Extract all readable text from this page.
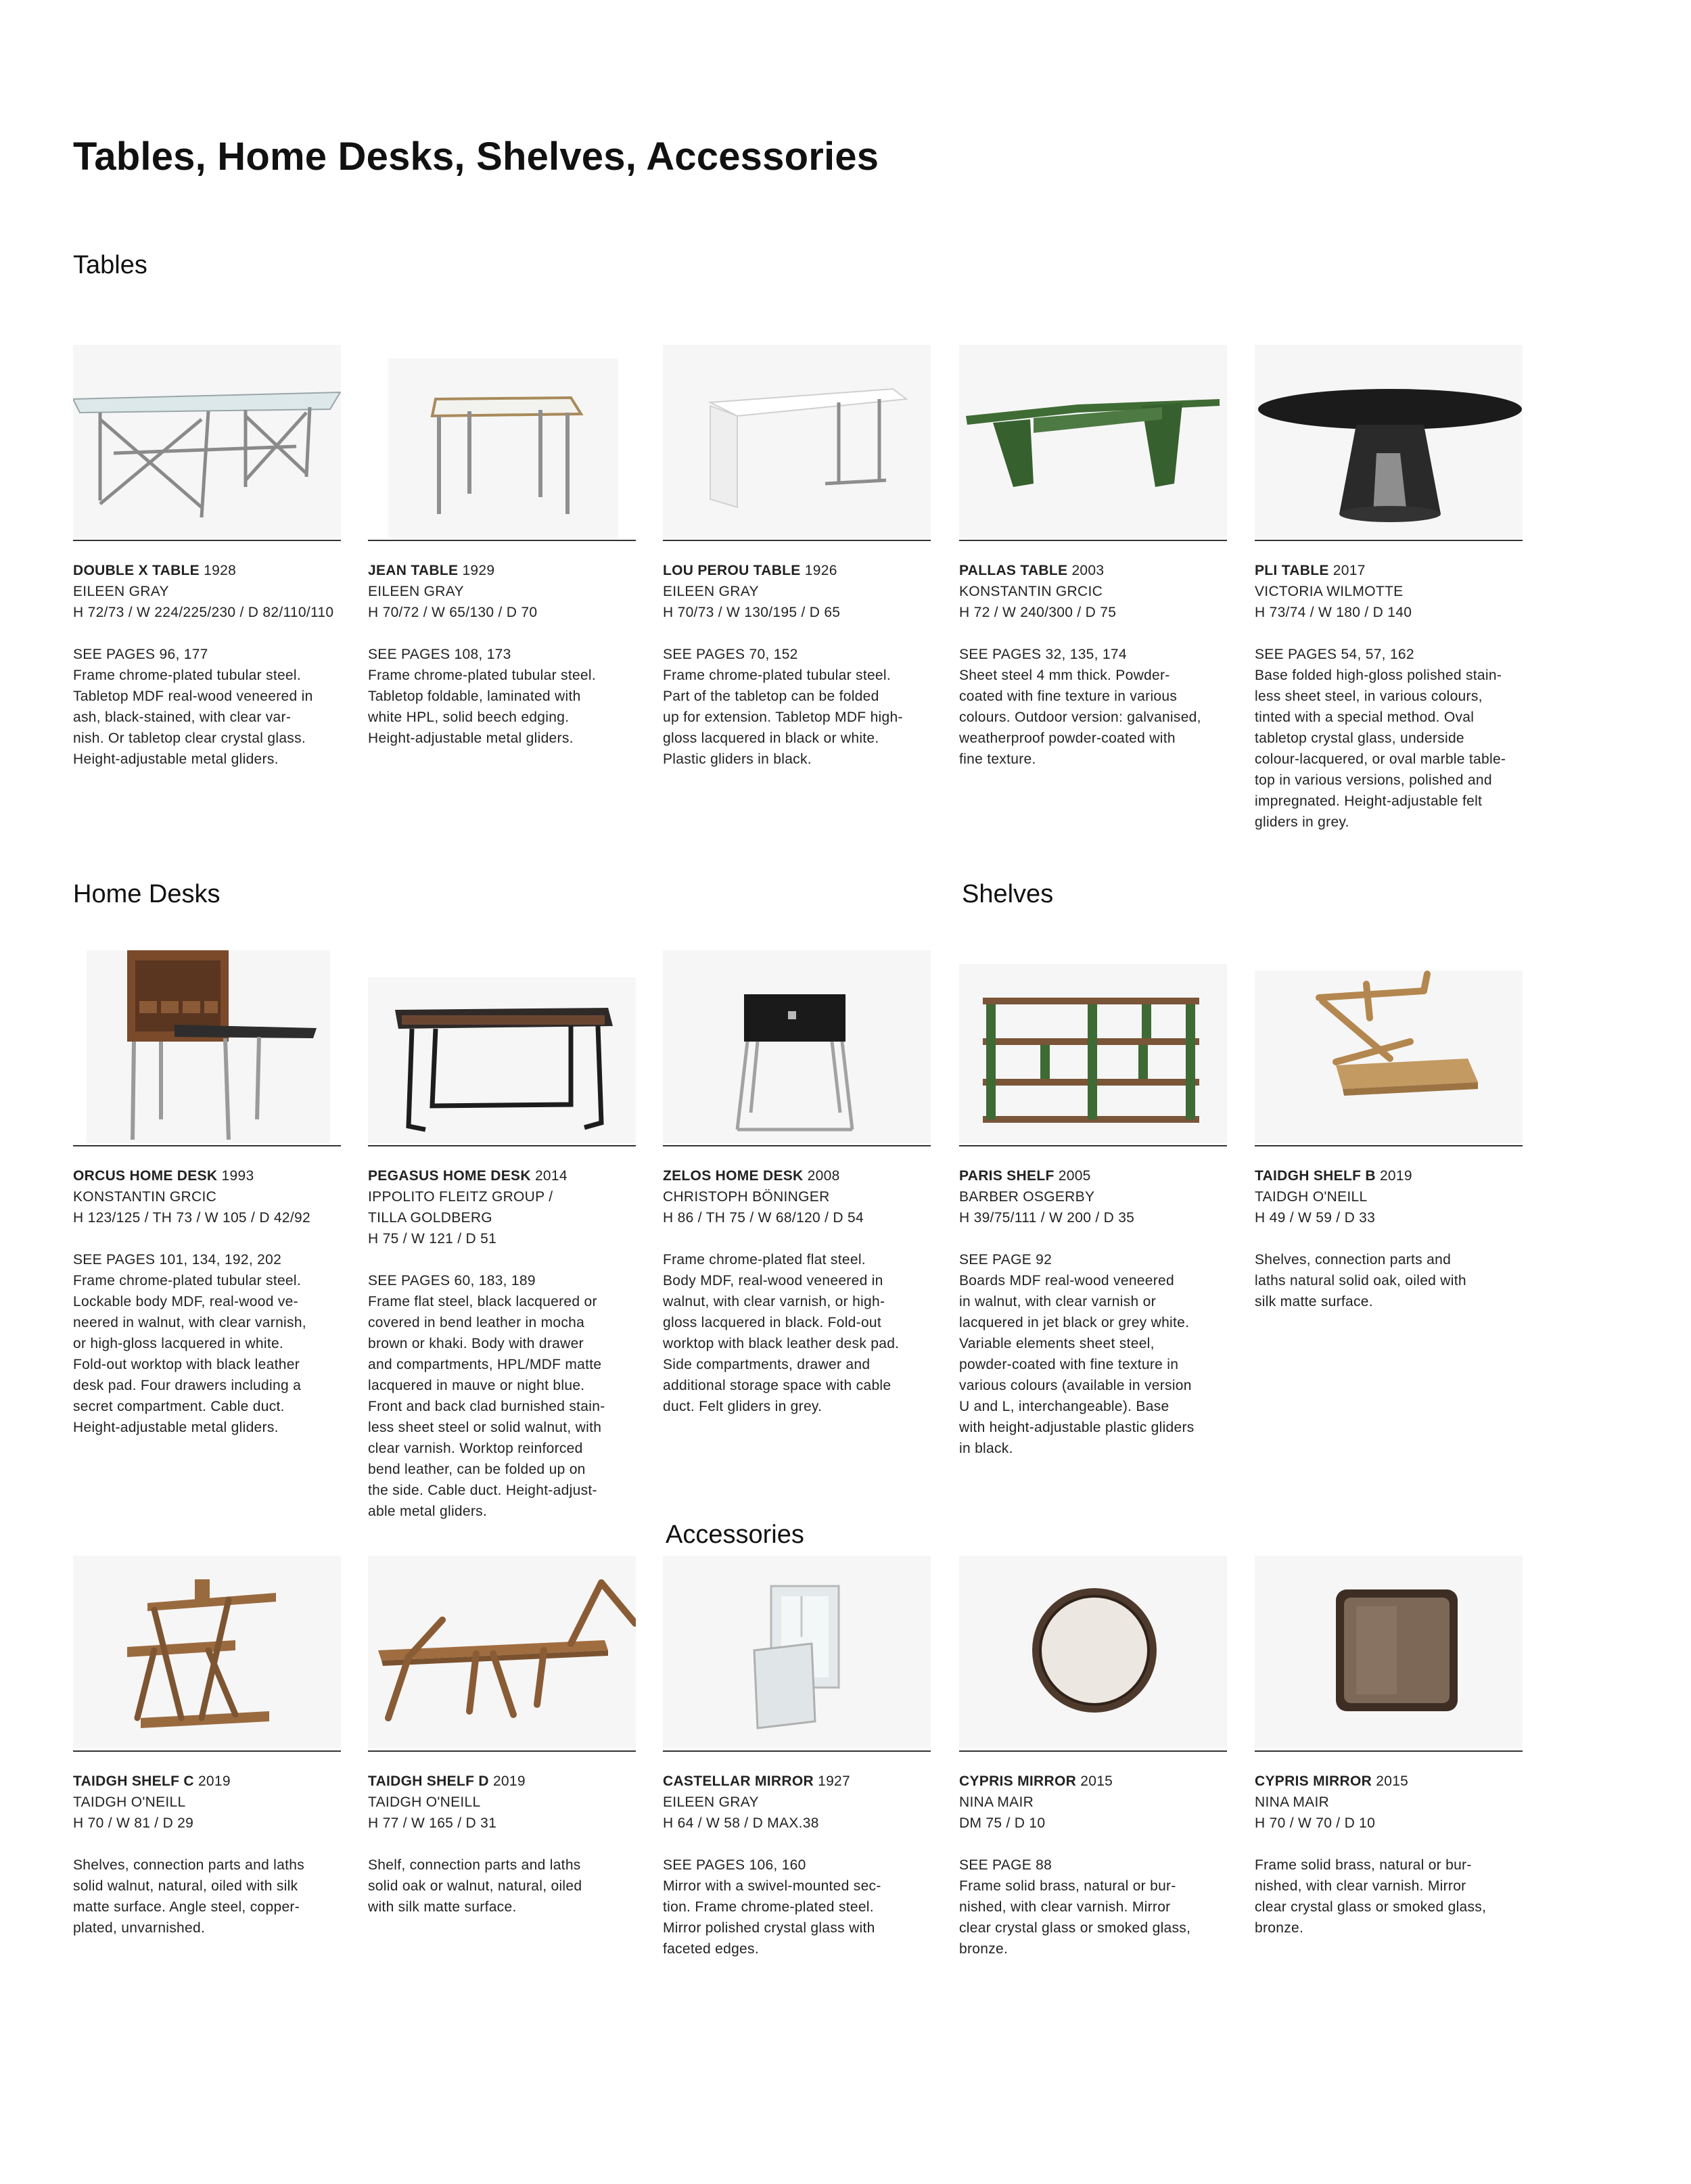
Tables, Home Desks, Shelves, Accessories
Tables
Home Desks	Shelves
Accessories
DOUBLE X TABLE 1928
EILEEN GRAY
H 72/73 / W 224/225/230 / D 82/110/110
SEE PAGES 96, 177
Frame chrome-plated tubular steel.
Tabletop MDF real-wood veneered in
ash, black-stained, with clear var-
nish. Or tabletop clear crystal glass.
Height-adjustable metal gliders.
JEAN TABLE 1929
EILEEN GRAY
H 70/72 / W 65/130 / D 70
SEE PAGES 108, 173
Frame chrome-plated tubular steel.
Tabletop foldable, laminated with
white HPL, solid beech edging.
Height-adjustable metal gliders.
LOU PEROU TABLE 1926
EILEEN GRAY
H 70/73 / W 130/195 / D 65
SEE PAGES 70, 152
Frame chrome-plated tubular steel.
Part of the tabletop can be folded
up for extension. Tabletop MDF high-
gloss lacquered in black or white.
Plastic gliders in black.
PALLAS TABLE 2003
KONSTANTIN GRCIC
H 72 / W 240/300 / D 75
SEE PAGES 32, 135, 174
Sheet steel 4 mm thick. Powder-
coated with fine texture in various
colours. Outdoor version: galvanised,
weatherproof powder-coated with
fine texture.
PLI TABLE 2017
VICTORIA WILMOTTE
H 73/74 / W 180 / D 140
SEE PAGES 54, 57, 162
Base folded high-gloss polished stain-
less sheet steel, in various colours,
tinted with a special method. Oval
tabletop crystal glass, underside
colour-lacquered, or oval marble table-
top in various versions, polished and
impregnated. Height-adjustable felt
gliders in grey.
ORCUS HOME DESK 1993
KONSTANTIN GRCIC
H 123/125 / TH 73 / W 105 / D 42/92
SEE PAGES 101, 134, 192, 202
Frame chrome-plated tubular steel.
Lockable body MDF, real-wood ve-
neered in walnut, with clear varnish,
or high-gloss lacquered in white.
Fold-out worktop with black leather
desk pad. Four drawers including a
secret compartment. Cable duct.
Height-adjustable metal gliders.
PEGASUS HOME DESK 2014
IPPOLITO FLEITZ GROUP /
TILLA GOLDBERG
H 75 / W 121 / D 51
SEE PAGES 60, 183, 189
Frame flat steel, black lacquered or
covered in bend leather in mocha
brown or khaki. Body with drawer
and compartments, HPL/MDF matte
lacquered in mauve or night blue.
Front and back clad burnished stain-
less sheet steel or solid walnut, with
clear varnish. Worktop reinforced
bend leather, can be folded up on
the side. Cable duct. Height-adjust-
able metal gliders.
ZELOS HOME DESK 2008
CHRISTOPH BÖNINGER
H 86 / TH 75 / W 68/120 / D 54
Frame chrome-plated flat steel.
Body MDF, real-wood veneered in
walnut, with clear varnish, or high-
gloss lacquered in black. Fold-out
worktop with black leather desk pad.
Side compartments, drawer and
additional storage space with cable
duct. Felt gliders in grey.
PARIS SHELF 2005
BARBER OSGERBY
H 39/75/111 / W 200 / D 35
SEE PAGE 92
Boards MDF real-wood veneered
in walnut, with clear varnish or
lacquered in jet black or grey white.
Variable elements sheet steel,
powder-coated with fine texture in
various colours (available in version
U and L, interchangeable). Base
with height-adjustable plastic gliders
in black.
TAIDGH SHELF B 2019
TAIDGH O'NEILL
H 49 / W 59 / D 33
Shelves, connection parts and
laths natural solid oak, oiled with
silk matte surface.
TAIDGH SHELF C 2019
TAIDGH O'NEILL
H 70 / W 81 / D 29
Shelves, connection parts and laths
solid walnut, natural, oiled with silk
matte surface. Angle steel, copper-
plated, unvarnished.
TAIDGH SHELF D 2019
TAIDGH O'NEILL
H 77 / W 165 / D 31
Shelf, connection parts and laths
solid oak or walnut, natural, oiled
with silk matte surface.
CASTELLAR MIRROR 1927
EILEEN GRAY
H 64 / W 58 / D MAX.38
SEE PAGES 106, 160
Mirror with a swivel-mounted sec-
tion. Frame chrome-plated steel.
Mirror polished crystal glass with
faceted edges.
CYPRIS MIRROR 2015
NINA MAIR
DM 75 / D 10
SEE PAGE 88
Frame solid brass, natural or bur-
nished, with clear varnish. Mirror
clear crystal glass or smoked glass,
bronze.
CYPRIS MIRROR 2015
NINA MAIR
H 70 / W 70 / D 10
Frame solid brass, natural or bur-
nished, with clear varnish. Mirror
clear crystal glass or smoked glass,
bronze.
